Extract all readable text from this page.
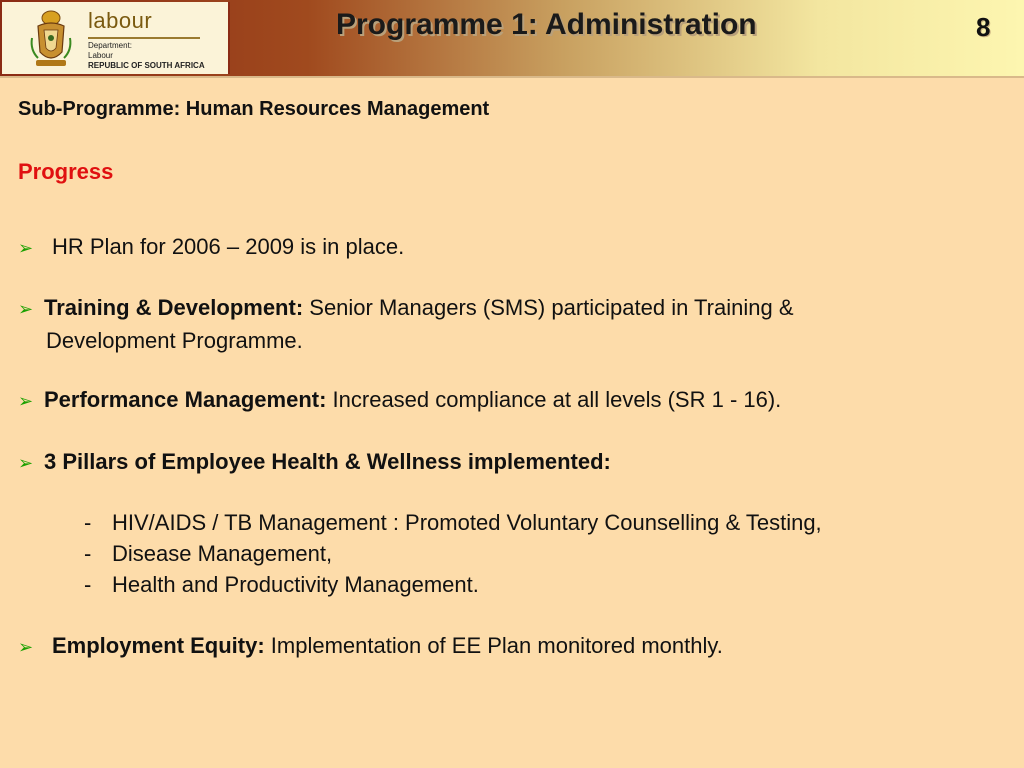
labour
Department:
Labour
REPUBLIC OF SOUTH AFRICA
Programme 1: Administration	8
Sub-Programme: Human Resources Management
Progress
➢ HR Plan for 2006 – 2009 is in place.
➢ Training & Development: Senior Managers (SMS) participated in Training &
Development Programme.
➢ Performance Management: Increased compliance at all levels (SR 1 - 16).
➢ 3 Pillars of Employee Health & Wellness implemented:
- HIV/AIDS / TB Management : Promoted Voluntary Counselling & Testing,
- Disease Management,
- Health and Productivity Management.
➢ Employment Equity: Implementation of EE Plan monitored monthly.
